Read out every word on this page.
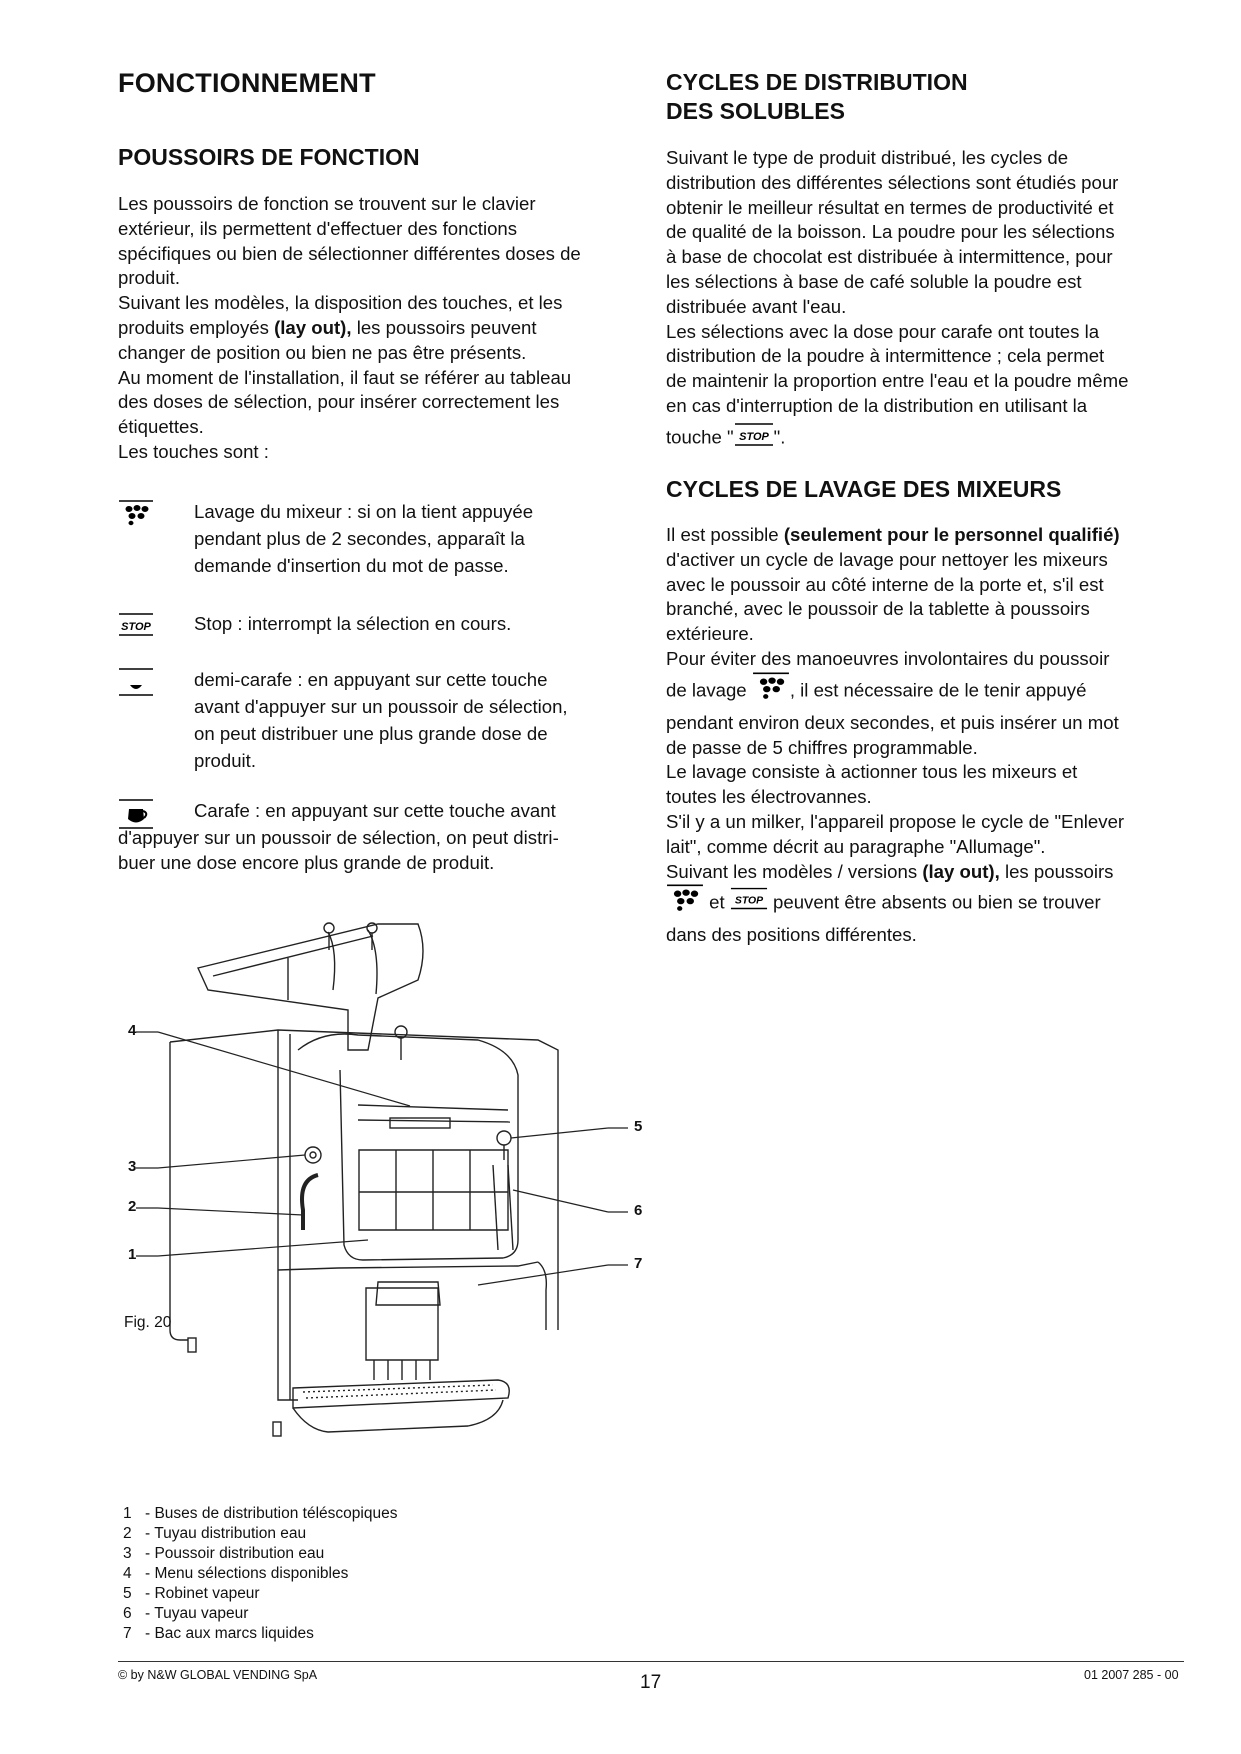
FONCTIONNEMENT
POUSSOIRS DE FONCTION

Les poussoirs de fonction se trouvent sur le clavier

extérieur, ils permettent d'effectuer des fonctions

spécifiques ou bien de sélectionner différentes doses de

produit.

Suivant les modèles, la disposition des touches, et les

produits employés (lay out), les poussoirs peuvent

changer de position ou bien ne pas être présents.

Au moment de l'installation, il faut se référer au tableau

des doses de sélection, pour insérer correctement les

étiquettes.

Les touches sont :

Lavage du mixeur : si on la tient appuyée
pendant plus de 2 secondes, apparaît la
demande d'insertion du mot de passe.
STOP Stop : interrompt la sélection en cours.
demi-carafe : en appuyant sur cette touche
avant d'appuyer sur un poussoir de sélection,
on peut distribuer une plus grande dose de
produit.
Carafe : en appuyant sur cette touche avant

d'appuyer sur un poussoir de sélection, on peut distri-

buer une dose encore plus grande de produit.

CYCLES DE DISTRIBUTION
DES SOLUBLES

Suivant le type de produit distribué, les cycles de

distribution des différentes sélections sont étudiés pour

obtenir le meilleur résultat en termes de productivité et

de qualité de la boisson. La poudre pour les sélections

à base de chocolat est distribuée à intermittence, pour

les sélections à base de café soluble la poudre est

distribuée avant l'eau.

Les sélections avec la dose pour carafe ont toutes la

distribution de la poudre à intermittence ; cela permet

de maintenir la proportion entre l'eau et la poudre même

en cas d'interruption de la distribution en utilisant la

touche " STOP ".

CYCLES DE LAVAGE DES MIXEURS

Il est possible (seulement pour le personnel qualifié)

d'activer un cycle de lavage pour nettoyer les mixeurs

avec le poussoir au côté interne de la porte et, s'il est

branché, avec le poussoir de la tablette à poussoirs

extérieure.

Pour éviter des manoeuvres involontaires du poussoir

de lavage , il est nécessaire de le tenir appuyé

pendant environ deux secondes, et puis insérer un mot

de passe de 5 chiffres programmable.

Le lavage consiste à actionner tous les mixeurs et

toutes les électrovannes.

S'il y a un milker, l'appareil propose le cycle de "Enlever

lait", comme décrit au paragraphe "Allumage".

Suivant les modèles / versions (lay out), les poussoirs

et STOP peuvent être absents ou bien se trouver

dans des positions différentes.

4
3
2
1
5
6
7
Fig. 20
1 - Buses de distribution téléscopiques
2 - Tuyau distribution eau
3 - Poussoir distribution eau
4 - Menu sélections disponibles
5 - Robinet vapeur
6 - Tuyau vapeur
7 - Bac aux marcs liquides
© by N&W GLOBAL VENDING SpA	17	01 2007 285 - 00
